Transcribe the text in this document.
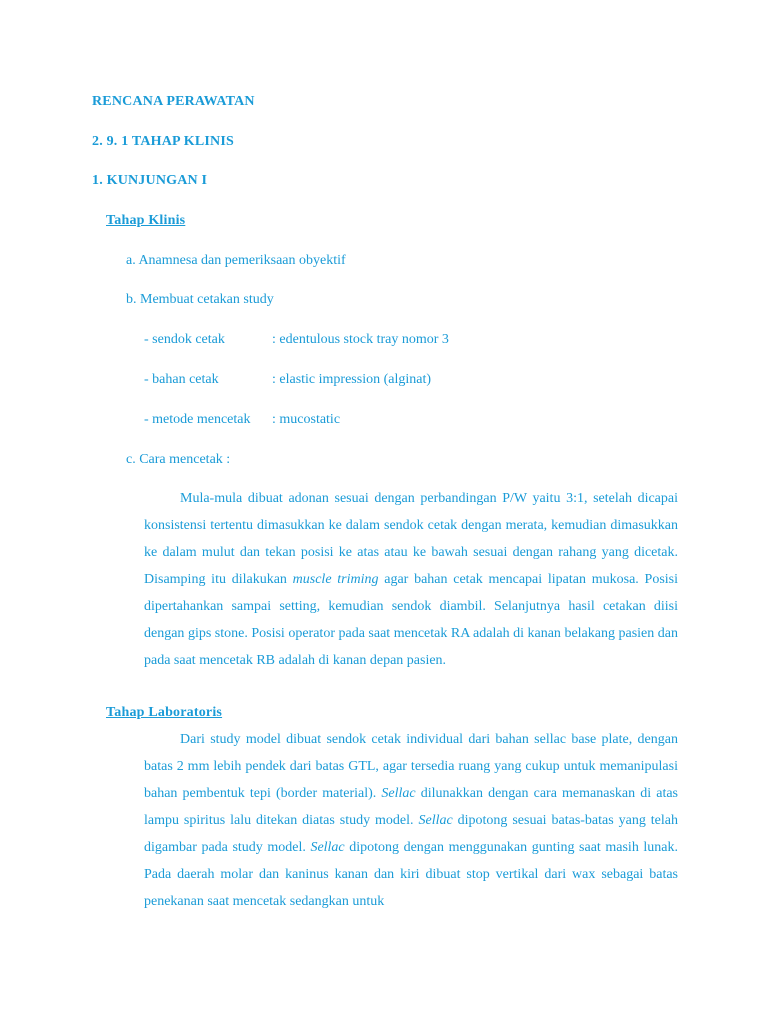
RENCANA PERAWATAN
2. 9. 1 TAHAP KLINIS
1. KUNJUNGAN I
Tahap Klinis
a. Anamnesa dan pemeriksaan obyektif
b. Membuat cetakan study
- sendok cetak	: edentulous stock tray nomor 3
- bahan cetak	: elastic impression (alginat)
- metode mencetak : mucostatic
c. Cara mencetak :

Mula-mula dibuat adonan sesuai dengan perbandingan P/W yaitu 3:1, setelah dicapai konsistensi tertentu dimasukkan ke dalam sendok cetak dengan merata, kemudian dimasukkan ke dalam mulut dan tekan posisi ke atas atau ke bawah sesuai dengan rahang yang dicetak. Disamping itu dilakukan muscle triming agar bahan cetak mencapai lipatan mukosa. Posisi dipertahankan sampai setting, kemudian sendok diambil. Selanjutnya hasil cetakan diisi dengan gips stone. Posisi operator pada saat mencetak RA adalah di kanan belakang pasien dan pada saat mencetak RB adalah di kanan depan pasien.

Tahap Laboratoris

Dari study model dibuat sendok cetak individual dari bahan sellac base plate, dengan batas 2 mm lebih pendek dari batas GTL, agar tersedia ruang yang cukup untuk memanipulasi bahan pembentuk tepi (border material). Sellac dilunakkan dengan cara memanaskan di atas lampu spiritus lalu ditekan diatas study model. Sellac dipotong sesuai batas-batas yang telah digambar pada study model. Sellac dipotong dengan menggunakan gunting saat masih lunak. Pada daerah molar dan kaninus kanan dan kiri dibuat stop vertikal dari wax sebagai batas penekanan saat mencetak sedangkan untuk
